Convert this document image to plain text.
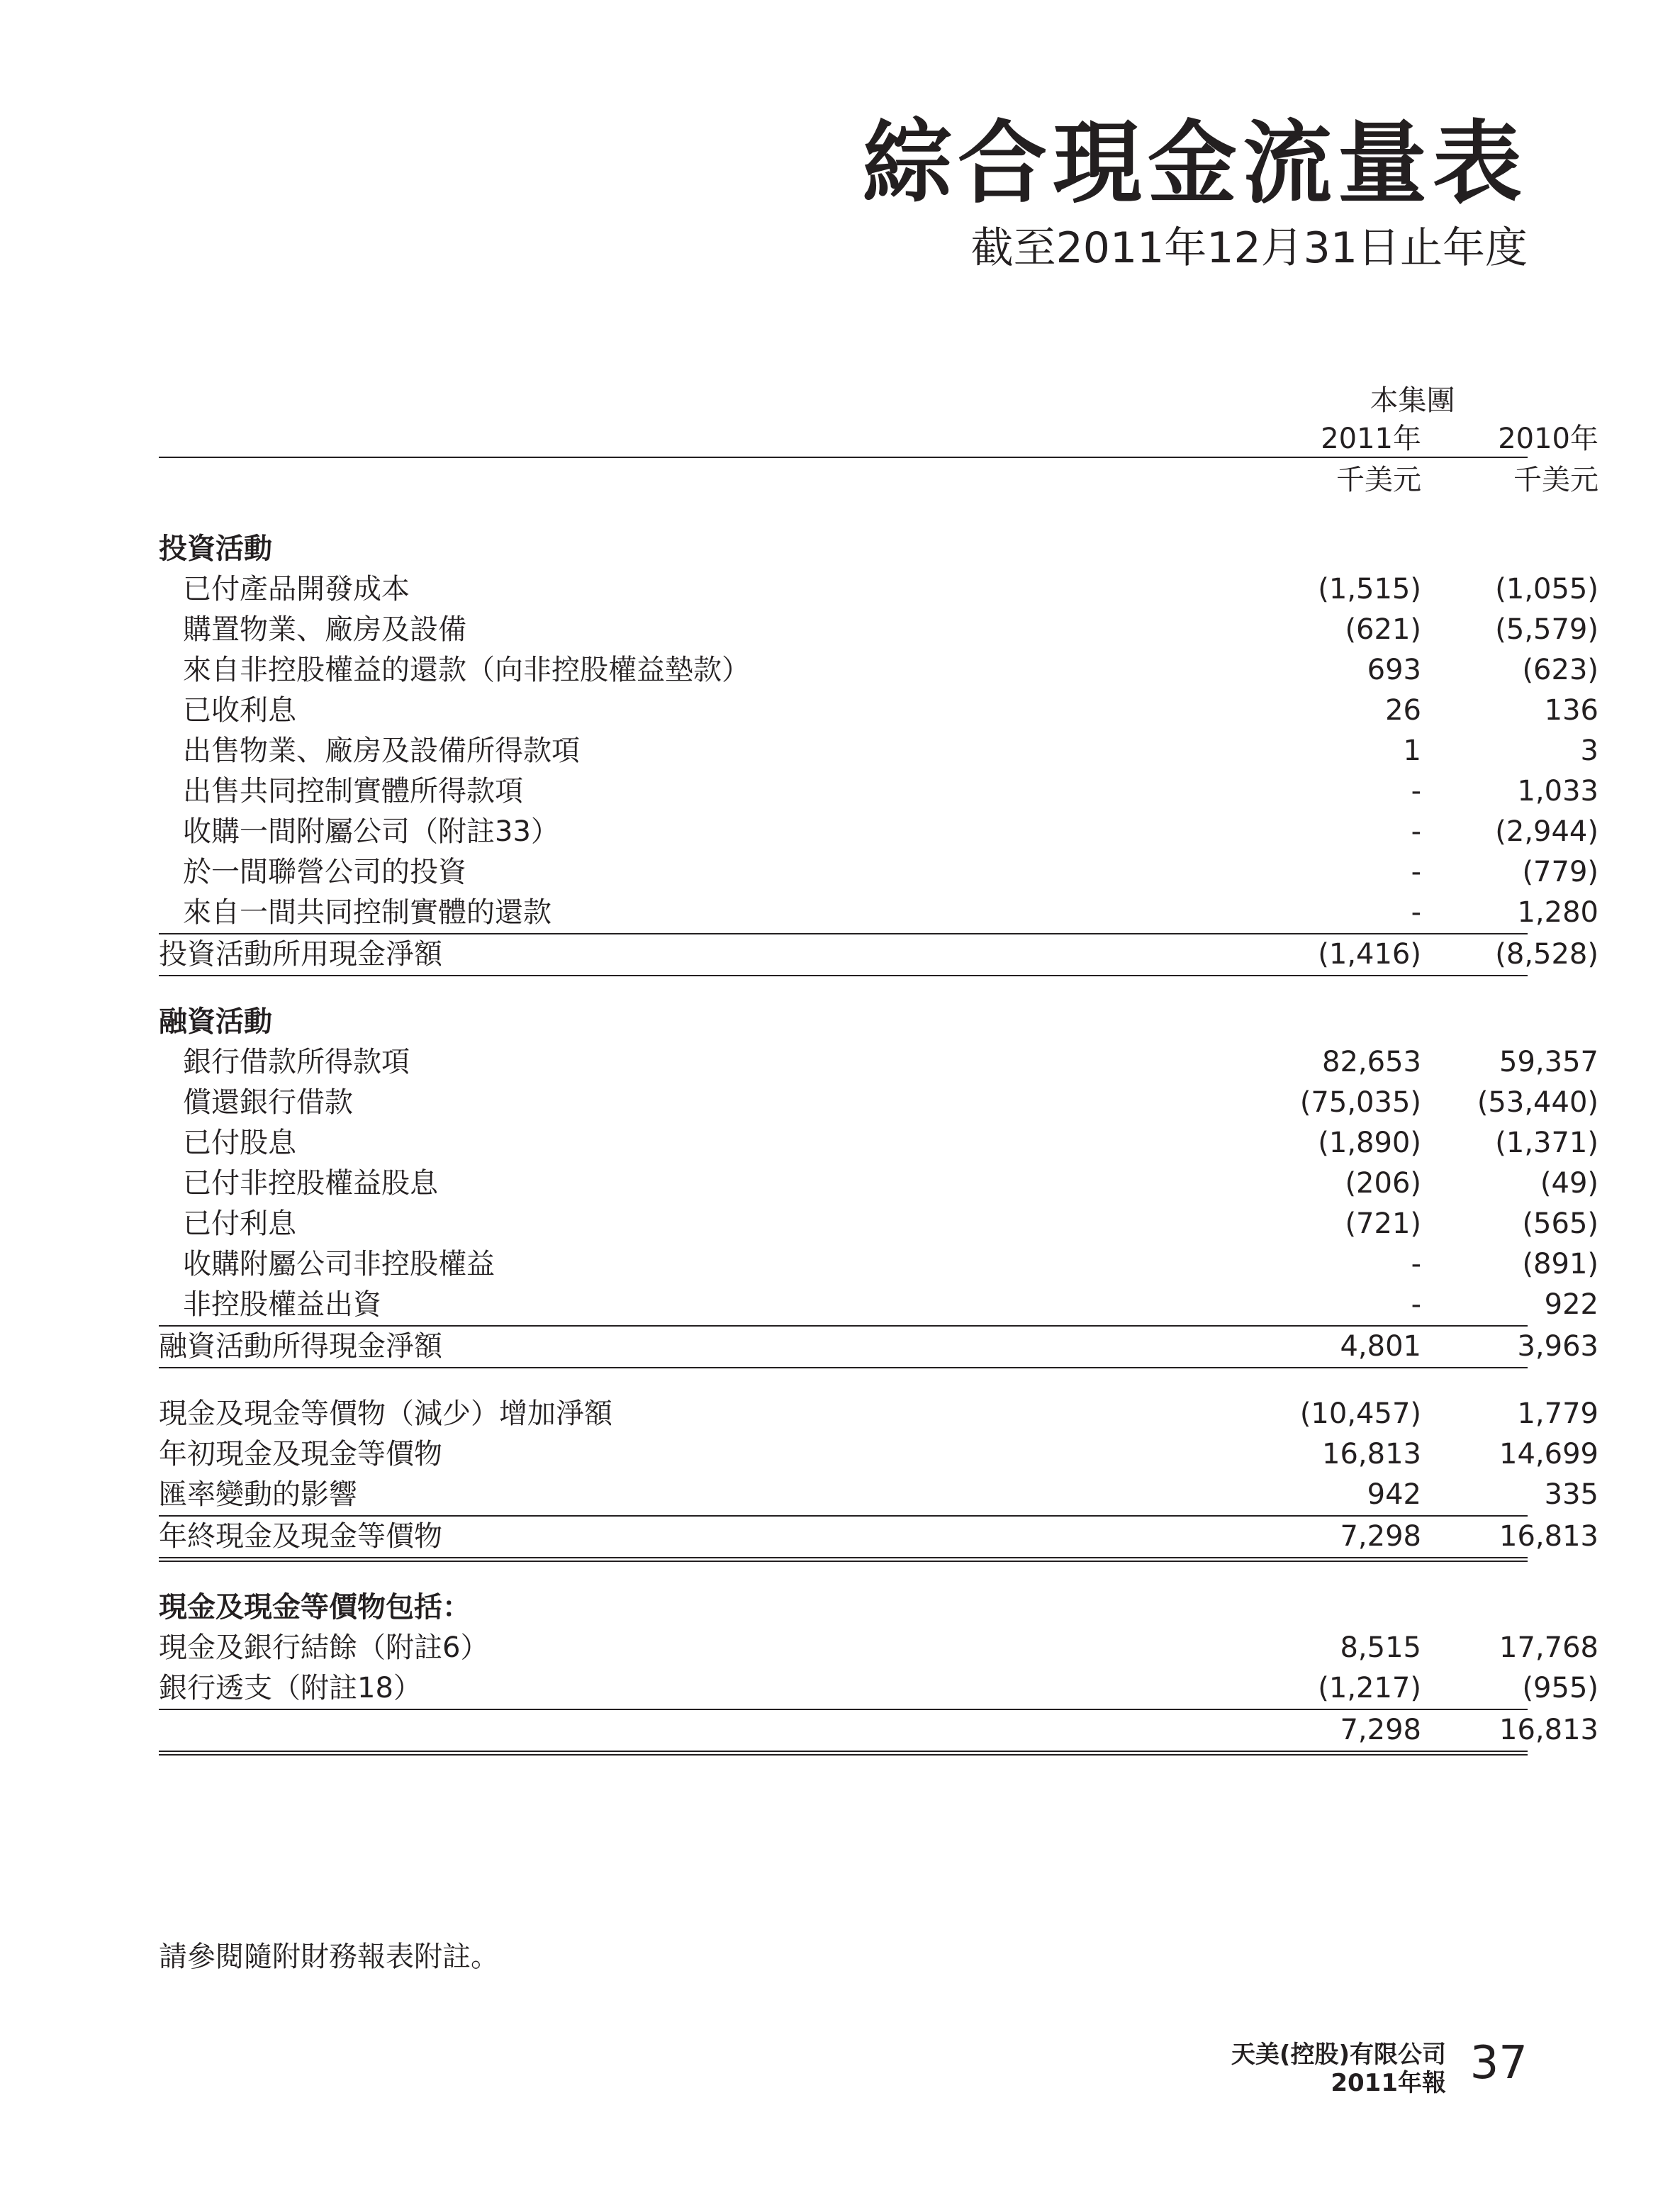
綜合現金流量表
截至2011年12月31日止年度
本集團
2011年	2010年
千美元	千美元
投資活動
已付產品開發成本	(1,515)	(1,055)
購置物業、廠房及設備	(621)	(5,579)
來自非控股權益的還款（向非控股權益墊款）	693	(623)
已收利息	26	136
出售物業、廠房及設備所得款項	1	3
出售共同控制實體所得款項	-	1,033
收購一間附屬公司（附註33）	-	(2,944)
於一間聯營公司的投資	-	(779)
來自一間共同控制實體的還款	-	1,280
投資活動所用現金淨額	(1,416)	(8,528)
融資活動
銀行借款所得款項	82,653	59,357
償還銀行借款	(75,035)	(53,440)
已付股息	(1,890)	(1,371)
已付非控股權益股息	(206)	(49)
已付利息	(721)	(565)
收購附屬公司非控股權益	-	(891)
非控股權益出資	-	922
融資活動所得現金淨額	4,801	3,963
現金及現金等價物（減少）增加淨額	(10,457)	1,779
年初現金及現金等價物	16,813	14,699
匯率變動的影響	942	335
年終現金及現金等價物	7,298	16,813
現金及現金等價物包括：
現金及銀行結餘（附註6）	8,515	17,768
銀行透支（附註18）	(1,217)	(955)
7,298	16,813
請參閱隨附財務報表附註。
天美(控股)有限公司
2011年報 37
